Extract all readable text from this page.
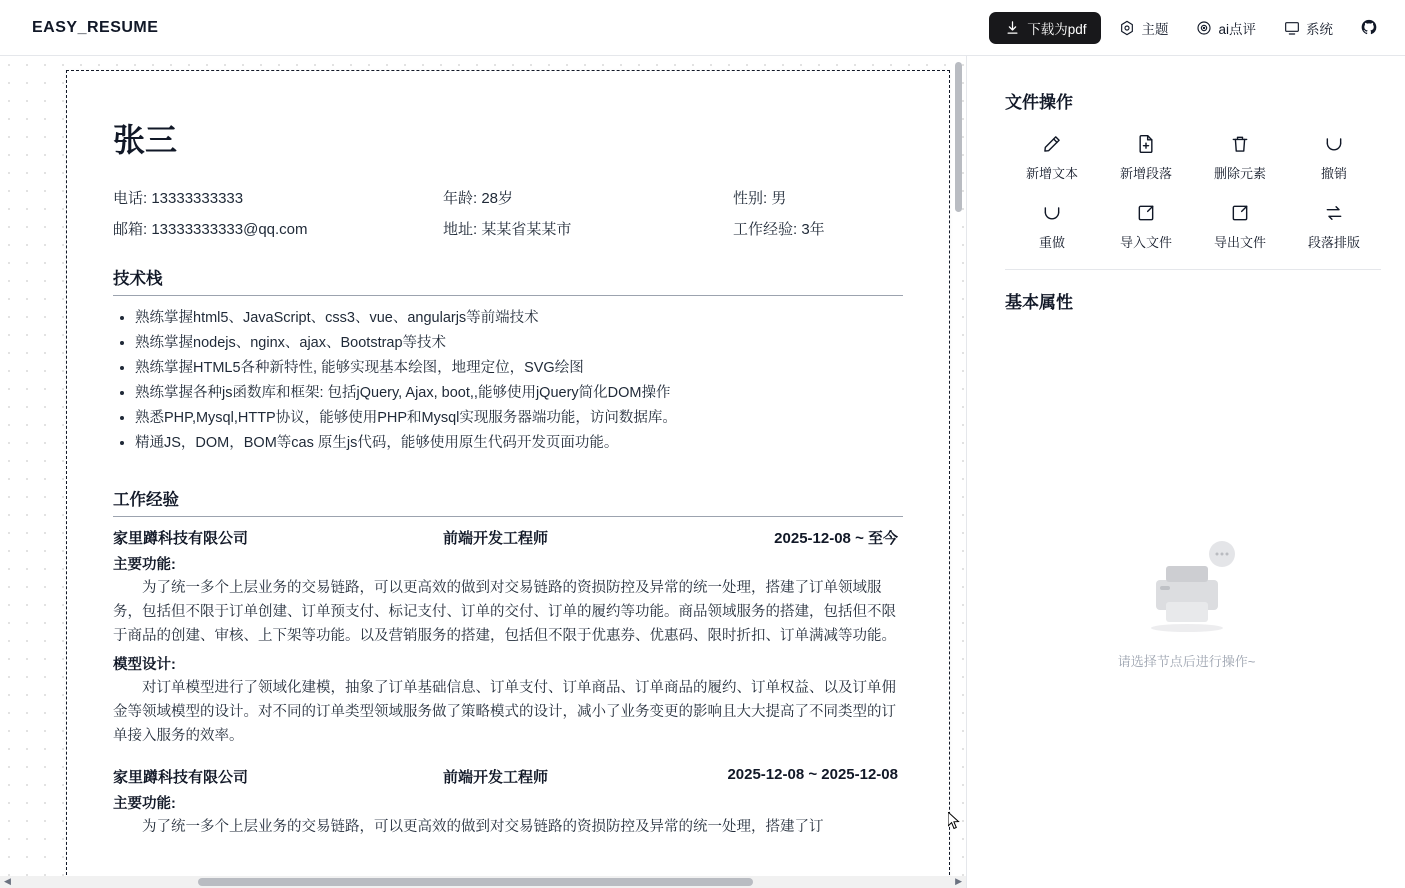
EASY_RESUME	下载为pdf	主题	ai点评	系统
张三
电话: 13333333333	年龄: 28岁	性别: 男
邮箱: 13333333333@qq.com	地址: 某某省某某市	工作经验: 3年
技术栈
• 熟练掌握html5、JavaScript、css3、vue、angularjs等前端技术
• 熟练掌握nodejs、nginx、ajax、Bootstrap等技术
• 熟练掌握HTML5各种新特性, 能够实现基本绘图，地理定位，SVG绘图
• 熟练掌握各种js函数库和框架: 包括jQuery, Ajax, boot,,能够使用jQuery简化DOM操作
• 熟悉PHP,Mysql,HTTP协议，能够使用PHP和Mysql实现服务器端功能，访问数据库。
• 精通JS，DOM，BOM等cas 原生js代码，能够使用原生代码开发页面功能。
工作经验
家里蹲科技有限公司	前端开发工程师	2025-12-08 ~ 至今
主要功能:

为了统一多个上层业务的交易链路，可以更高效的做到对交易链路的资损防控及异常的统一处理，搭建了订单领域服务，包括但不限于订单创建、订单预支付、标记支付、订单的交付、订单的履约等功能。商品领域服务的搭建，包括但不限于商品的创建、审核、上下架等功能。以及营销服务的搭建，包括但不限于优惠券、优惠码、限时折扣、订单满减等功能。

模型设计:

对订单模型进行了领域化建模，抽象了订单基础信息、订单支付、订单商品、订单商品的履约、订单权益、以及订单佣金等领域模型的设计。对不同的订单类型领域服务做了策略模式的设计，减小了业务变更的影响且大大提高了不同类型的订单接入服务的效率。

家里蹲科技有限公司	前端开发工程师	2025-12-08 ~ 2025-12-08
主要功能:

为了统一多个上层业务的交易链路，可以更高效的做到对交易链路的资损防控及异常的统一处理，搭建了订

◀	▶
文件操作
新增文本	新增段落	删除元素	撤销
重做	导入文件	导出文件	段落排版
基本属性
请选择节点后进行操作~
